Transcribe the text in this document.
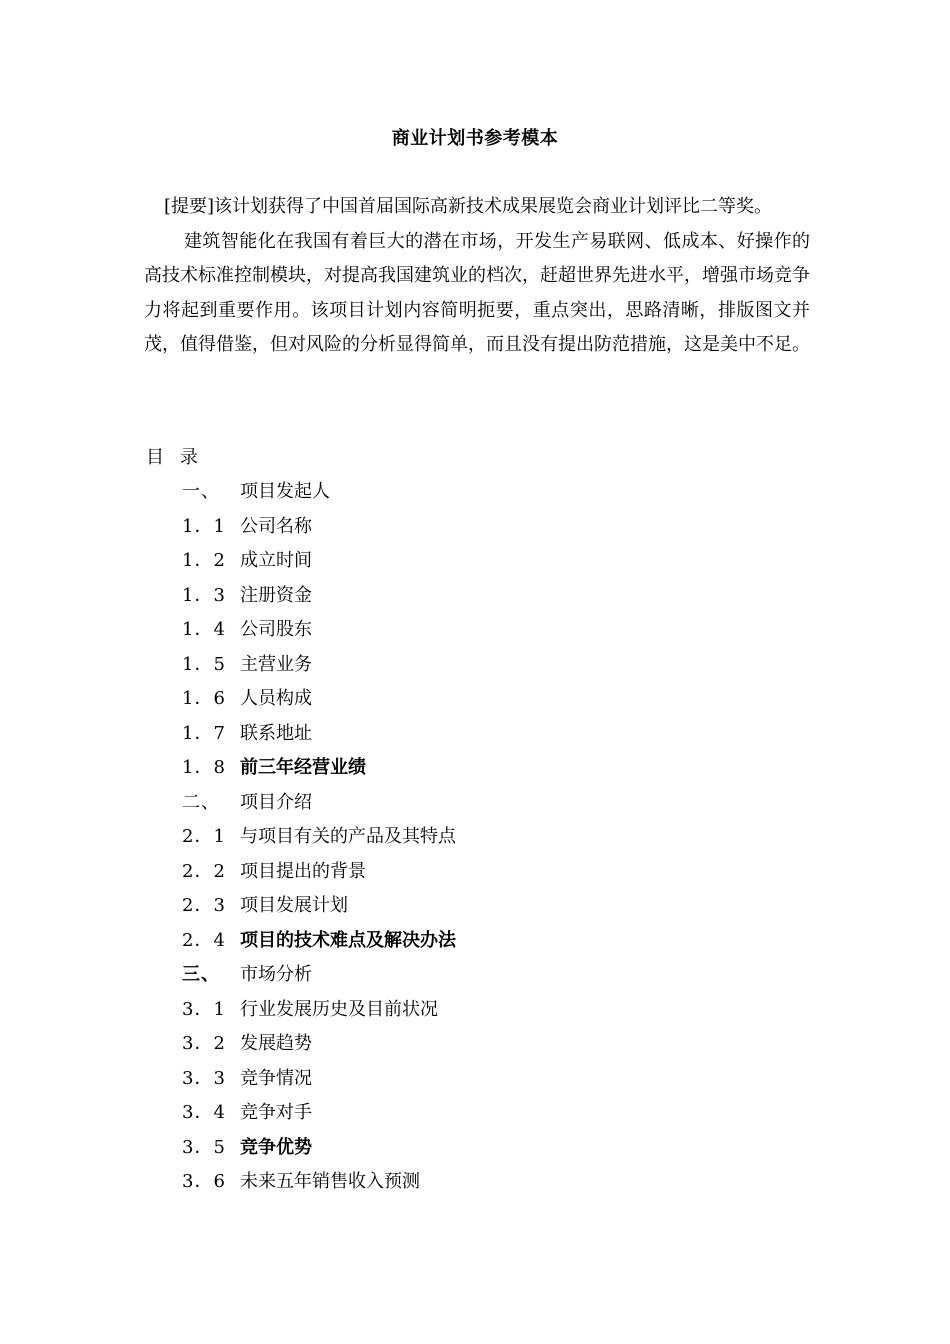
商业计划书参考模本

[提要]该计划获得了中国首届国际高新技术成果展览会商业计划评比二等奖。

建筑智能化在我国有着巨大的潜在市场，开发生产易联网、低成本、好操作的高技术标准控制模块，对提高我国建筑业的档次，赶超世界先进水平，增强市场竞争力将起到重要作用。该项目计划内容简明扼要，重点突出，思路清晰，排版图文并茂，值得借鉴，但对风险的分析显得简单，而且没有提出防范措施，这是美中不足。

目录
一、	项目发起人
1．1 公司名称
1．2 成立时间
1．3 注册资金
1．4 公司股东
1．5 主营业务
1．6 人员构成
1．7 联系地址
1．8 前三年经营业绩
二、	项目介绍
2．1 与项目有关的产品及其特点
2．2 项目提出的背景
2．3 项目发展计划
2．4 项目的技术难点及解决办法
三、	市场分析
3．1 行业发展历史及目前状况
3．2 发展趋势
3．3 竞争情况
3．4 竞争对手
3．5 竞争优势
3．6 未来五年销售收入预测
